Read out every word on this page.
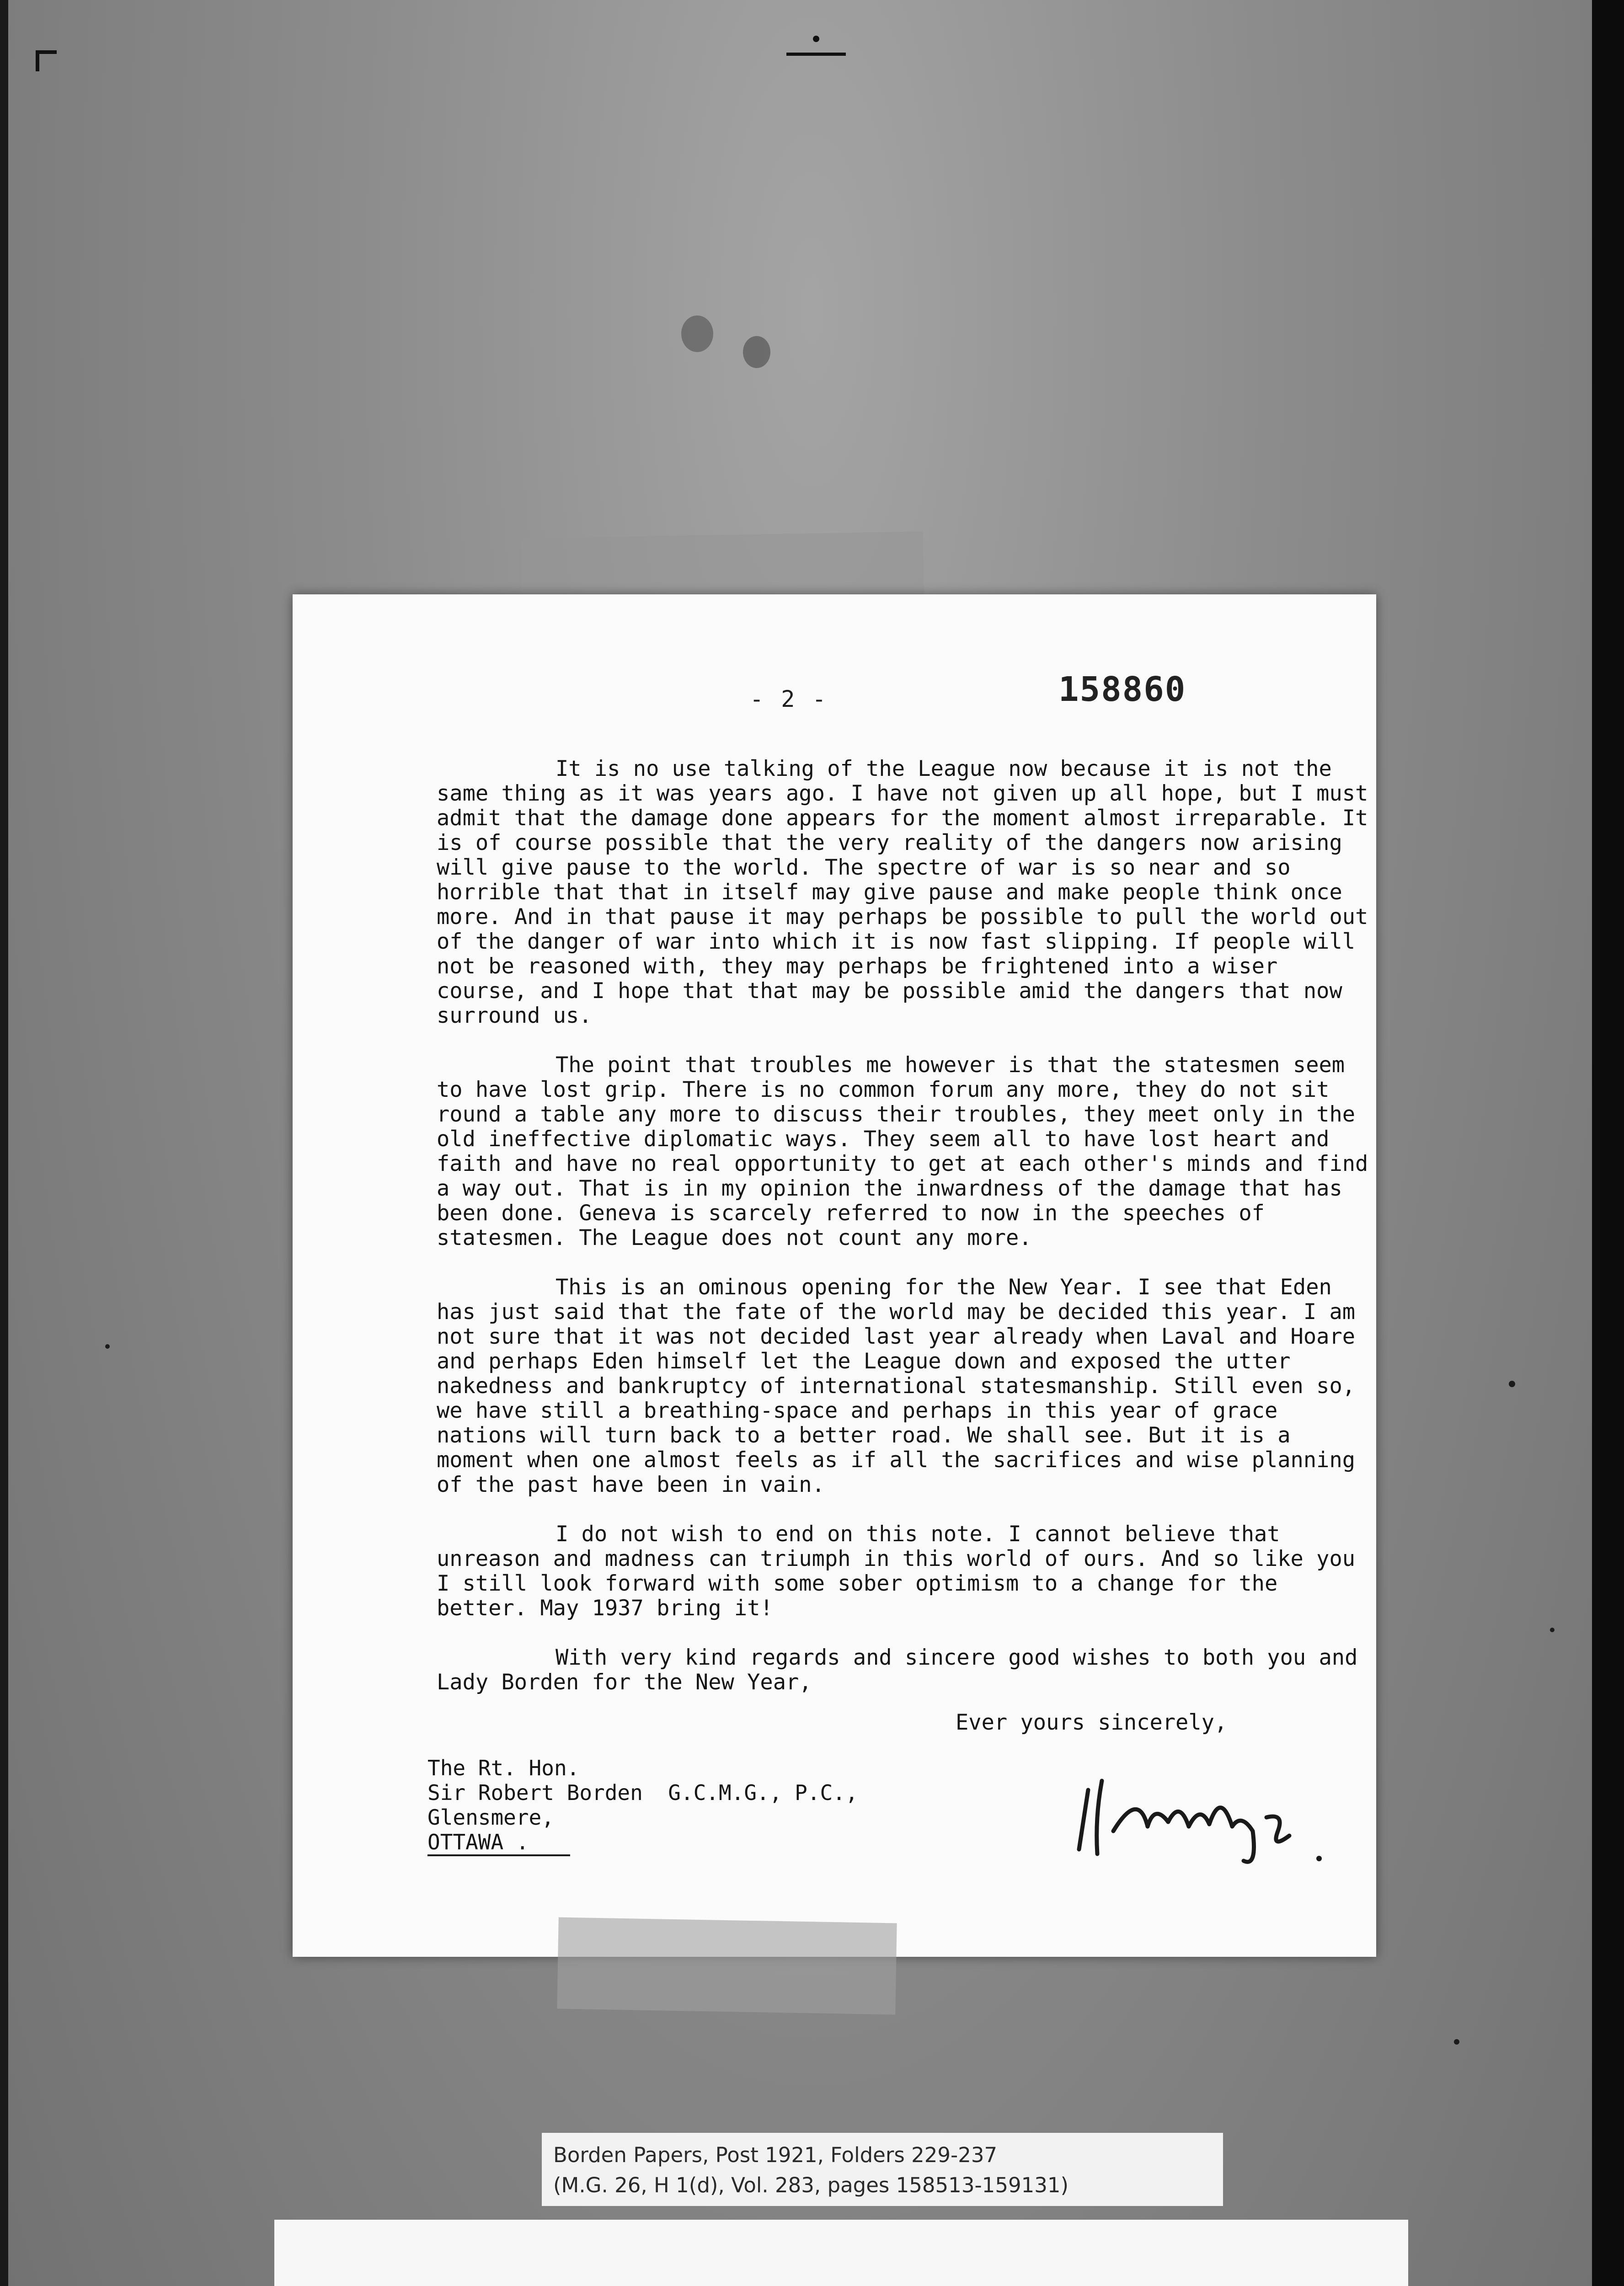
- 2 -	158860

It is no use talking of the League now because it is not the same thing as it was years ago. I have not given up all hope, but I must admit that the damage done appears for the moment almost irreparable. It is of course possible that the very reality of the dangers now arising will give pause to the world. The spectre of war is so near and so horrible that that in itself may give pause and make people think once more. And in that pause it may perhaps be possible to pull the world out of the danger of war into which it is now fast slipping. If people will not be reasoned with, they may perhaps be frightened into a wiser course, and I hope that that may be possible amid the dangers that now surround us.

The point that troubles me however is that the statesmen seem to have lost grip. There is no common forum any more, they do not sit round a table any more to discuss their troubles, they meet only in the old ineffective diplomatic ways. They seem all to have lost heart and faith and have no real opportunity to get at each other's minds and find a way out. That is in my opinion the inwardness of the damage that has been done. Geneva is scarcely referred to now in the speeches of statesmen. The League does not count any more.

This is an ominous opening for the New Year. I see that Eden has just said that the fate of the world may be decided this year. I am not sure that it was not decided last year already when Laval and Hoare and perhaps Eden himself let the League down and exposed the utter nakedness and bankruptcy of international statesmanship. Still even so, we have still a breathing-space and perhaps in this year of grace nations will turn back to a better road. We shall see. But it is a moment when one almost feels as if all the sacrifices and wise planning of the past have been in vain.

I do not wish to end on this note. I cannot believe that unreason and madness can triumph in this world of ours. And so like you I still look forward with some sober optimism to a change for the better. May 1937 bring it!

With very kind regards and sincere good wishes to both you and Lady Borden for the New Year,

Ever yours sincerely,
The Rt. Hon.
Sir Robert Borden  G.C.M.G., P.C.,
Glensmere,
OTTAWA .
Borden Papers, Post 1921, Folders 229-237
(M.G. 26, H 1(d), Vol. 283, pages 158513-159131)
